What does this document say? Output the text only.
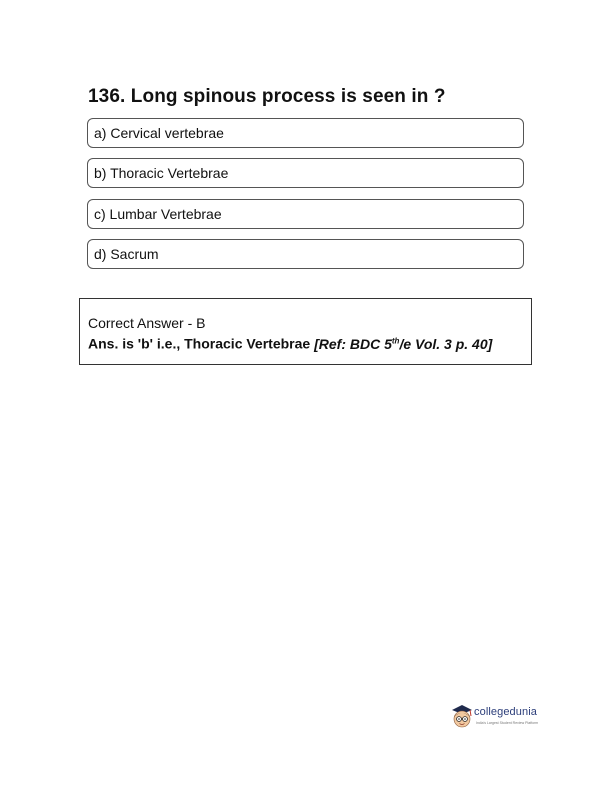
136. Long spinous process is seen in ?
a) Cervical vertebrae
b) Thoracic Vertebrae
c) Lumbar Vertebrae
d) Sacrum
Correct Answer - B
Ans. is 'b' i.e., Thoracic Vertebrae [Ref: BDC 5th/e Vol. 3 p. 40]
collegedunia
India's Largest Student Review Platform
